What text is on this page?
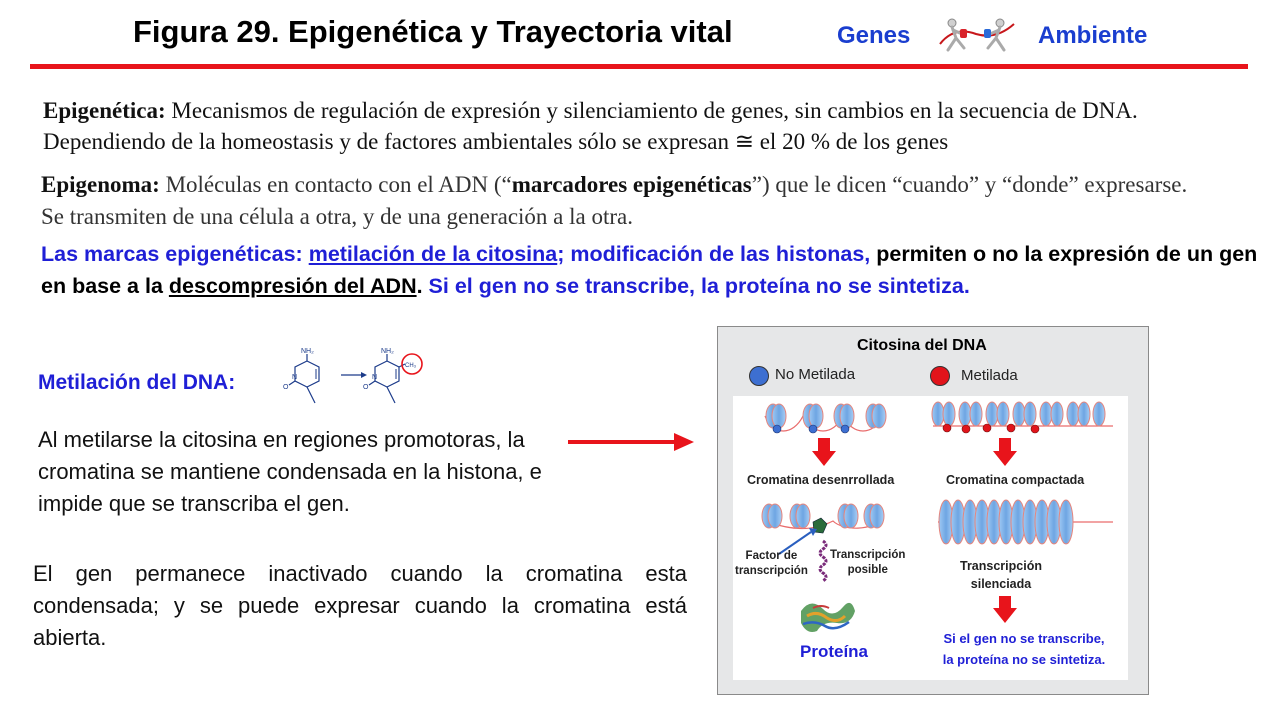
Figura 29. Epigenética y Trayectoria vital	Genes	Ambiente
Epigenética: Mecanismos de regulación de expresión y silenciamiento de genes, sin cambios en la secuencia de DNA. Dependiendo de la homeostasis y de factores ambientales sólo se expresan ≅ el 20 % de los genes
Epigenoma: Moléculas en contacto con el ADN (“marcadores epigenéticas”) que le dicen “cuando” y “donde” expresarse. Se transmiten de una célula a otra, y de una generación a la otra.
Las marcas epigenéticas: metilación de la citosina; modificación de las histonas, permiten o no la expresión de un gen en base a la descompresión del ADN. Si el gen no se transcribe, la proteína no se sintetiza.
Metilación del DNA:
NH₂
N
O
NH₂
N
O
CH₃
Al metilarse la citosina en regiones promotoras, la cromatina se mantiene condensada en la histona, e impide que se transcriba el gen.
El gen permanece inactivado cuando la cromatina esta condensada; y se puede expresar cuando la cromatina está abierta.
Citosina del DNA
No Metilada	Metilada
Cromatina desenrrollada	Cromatina compactada
Factor de
transcripción
Transcripción
posible	Transcripción
silenciada
Proteína
Si el gen no se transcribe,
la proteína no se sintetiza.
